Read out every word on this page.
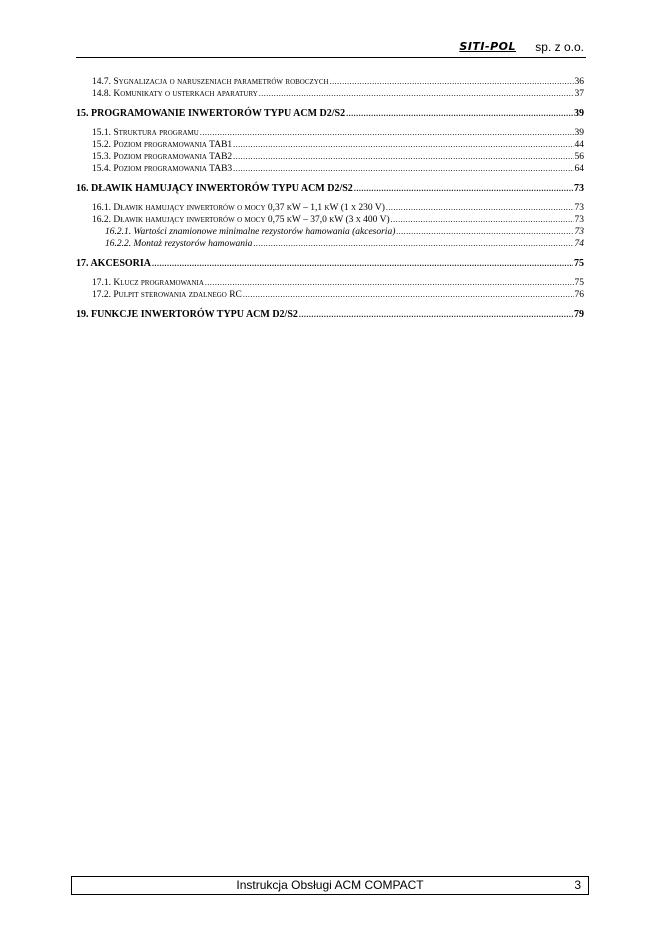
SITI-POL sp. z o.o.
14.7. Sygnalizacja o naruszeniach parametrów roboczych .....	36
14.8. Komunikaty o usterkach aparatury .....	37
15. PROGRAMOWANIE INWERTORÓW TYPU ACM D2/S2 .....	39
15.1. Struktura programu .....	39
15.2. Poziom programowania TAB1 .....	44
15.3. Poziom programowania TAB2 .....	56
15.4. Poziom programowania TAB3 .....	64
16. DŁAWIK HAMUJĄCY INWERTORÓW TYPU ACM D2/S2 .....	73
16.1. Dławik hamujący inwertorów o mocy 0,37 kW – 1,1 kW (1 x 230 V) .....	73
16.2. Dławik hamujący inwertorów o mocy 0,75 kW – 37,0 kW (3 x 400 V) .....	73
16.2.1. Wartości znamionowe minimalne rezystorów hamowania (akcesoria) .....	73
16.2.2. Montaż rezystorów hamowania .....	74
17. AKCESORIA .....	75
17.1. Klucz programowania .....	75
17.2. Pulpit sterowania zdalnego RC .....	76
19. FUNKCJE INWERTORÓW TYPU ACM D2/S2 .....	79
Instrukcja Obsługi ACM COMPACT	3
